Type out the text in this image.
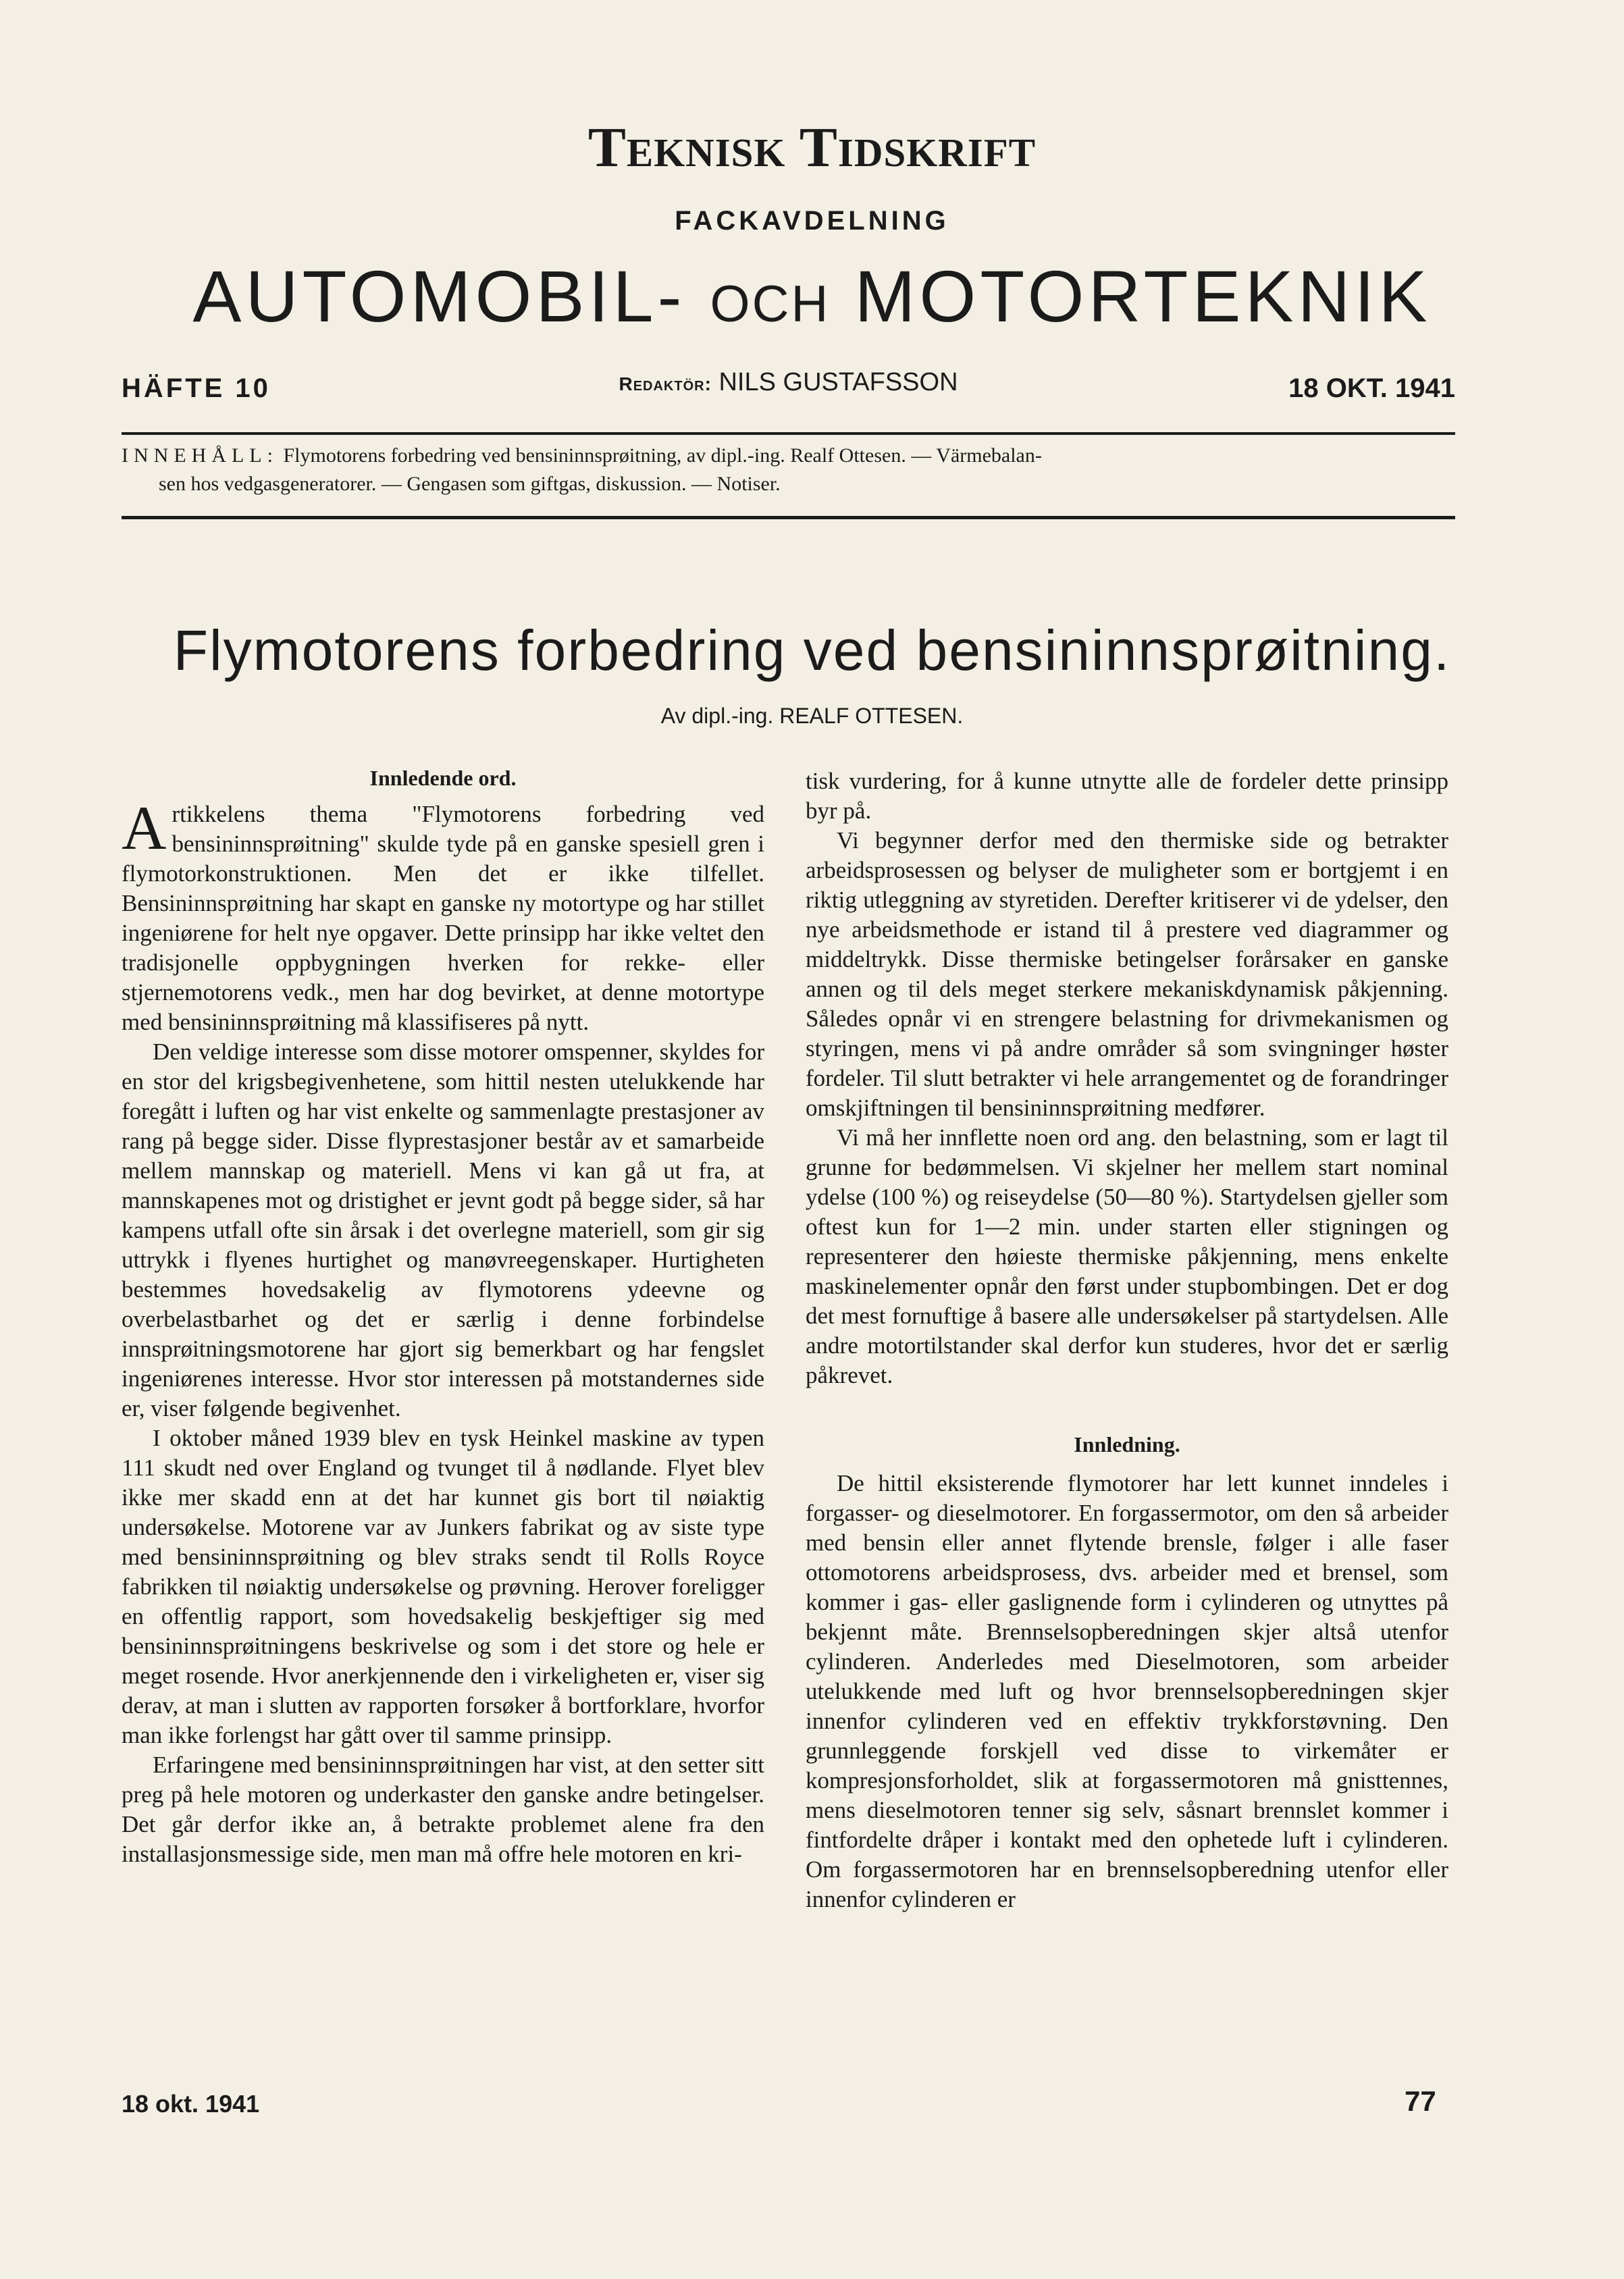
Teknisk Tidskrift
FACKAVDELNING
AUTOMOBIL- OCH MOTORTEKNIK
HÄFTE 10	Redaktör: NILS GUSTAFSSON	18 OKT. 1941
INNEHÅLL: Flymotorens forbedring ved bensininnsprøitning, av dipl.-ing. Realf Ottesen. — Värmebalan-
sen hos vedgasgeneratorer. — Gengasen som giftgas, diskussion. — Notiser.
Flymotorens forbedring ved bensininnsprøitning.
Av dipl.-ing. REALF OTTESEN.
Innledende ord.

Artikkelens thema "Flymotorens forbedring ved bensininnsprøitning" skulde tyde på en ganske spesiell gren i flymotorkonstruktionen. Men det er ikke tilfellet. Bensininnsprøitning har skapt en ganske ny motortype og har stillet ingeniørene for helt nye opgaver. Dette prinsipp har ikke veltet den tradisjonelle oppbygningen hverken for rekke- eller stjernemotorens vedk., men har dog bevirket, at denne motortype med bensininnsprøitning må klassifiseres på nytt.

Den veldige interesse som disse motorer omspenner, skyldes for en stor del krigsbegivenhetene, som hittil nesten utelukkende har foregått i luften og har vist enkelte og sammenlagte prestasjoner av rang på begge sider. Disse flyprestasjoner består av et samarbeide mellem mannskap og materiell. Mens vi kan gå ut fra, at mannskapenes mot og dristighet er jevnt godt på begge sider, så har kampens utfall ofte sin årsak i det overlegne materiell, som gir sig uttrykk i flyenes hurtighet og manøvreegenskaper. Hurtigheten bestemmes hovedsakelig av flymotorens ydeevne og overbelastbarhet og det er særlig i denne forbindelse innsprøitningsmotorene har gjort sig bemerkbart og har fengslet ingeniørenes interesse. Hvor stor interessen på motstandernes side er, viser følgende begivenhet.

I oktober måned 1939 blev en tysk Heinkel maskine av typen 111 skudt ned over England og tvunget til å nødlande. Flyet blev ikke mer skadd enn at det har kunnet gis bort til nøiaktig undersøkelse. Motorene var av Junkers fabrikat og av siste type med bensininnsprøitning og blev straks sendt til Rolls Royce fabrikken til nøiaktig undersøkelse og prøvning. Herover foreligger en offentlig rapport, som hovedsakelig beskjeftiger sig med bensininnsprøitningens beskrivelse og som i det store og hele er meget rosende. Hvor anerkjennende den i virkeligheten er, viser sig derav, at man i slutten av rapporten forsøker å bortforklare, hvorfor man ikke forlengst har gått over til samme prinsipp.

Erfaringene med bensininnsprøitningen har vist, at den setter sitt preg på hele motoren og underkaster den ganske andre betingelser. Det går derfor ikke an, å betrakte problemet alene fra den installasjonsmessige side, men man må offre hele motoren en kri-

tisk vurdering, for å kunne utnytte alle de fordeler dette prinsipp byr på.

Vi begynner derfor med den thermiske side og betrakter arbeidsprosessen og belyser de muligheter som er bortgjemt i en riktig utleggning av styretiden. Derefter kritiserer vi de ydelser, den nye arbeidsmethode er istand til å prestere ved diagrammer og middeltrykk. Disse thermiske betingelser forårsaker en ganske annen og til dels meget sterkere mekaniskdynamisk påkjenning. Således opnår vi en strengere belastning for drivmekanismen og styringen, mens vi på andre områder så som svingninger høster fordeler. Til slutt betrakter vi hele arrangementet og de forandringer omskjiftningen til bensininnsprøitning medfører.

Vi må her innflette noen ord ang. den belastning, som er lagt til grunne for bedømmelsen. Vi skjelner her mellem start nominal ydelse (100 %) og reiseydelse (50—80 %). Startydelsen gjeller som oftest kun for 1—2 min. under starten eller stigningen og representerer den høieste thermiske påkjenning, mens enkelte maskinelementer opnår den først under stupbombingen. Det er dog det mest fornuftige å basere alle undersøkelser på startydelsen. Alle andre motortilstander skal derfor kun studeres, hvor det er særlig påkrevet.

Innledning.

De hittil eksisterende flymotorer har lett kunnet inndeles i forgasser- og dieselmotorer. En forgassermotor, om den så arbeider med bensin eller annet flytende brensle, følger i alle faser ottomotorens arbeidsprosess, dvs. arbeider med et brensel, som kommer i gas- eller gaslignende form i cylinderen og utnyttes på bekjennt måte. Brennselsopberedningen skjer altså utenfor cylinderen. Anderledes med Dieselmotoren, som arbeider utelukkende med luft og hvor brennselsopberedningen skjer innenfor cylinderen ved en effektiv trykkforstøvning. Den grunnleggende forskjell ved disse to virkemåter er kompresjonsforholdet, slik at forgassermotoren må gnisttennes, mens dieselmotoren tenner sig selv, såsnart brennslet kommer i fintfordelte dråper i kontakt med den ophetede luft i cylinderen. Om forgassermotoren har en brennselsopberedning utenfor eller innenfor cylinderen er

18 okt. 1941	77
